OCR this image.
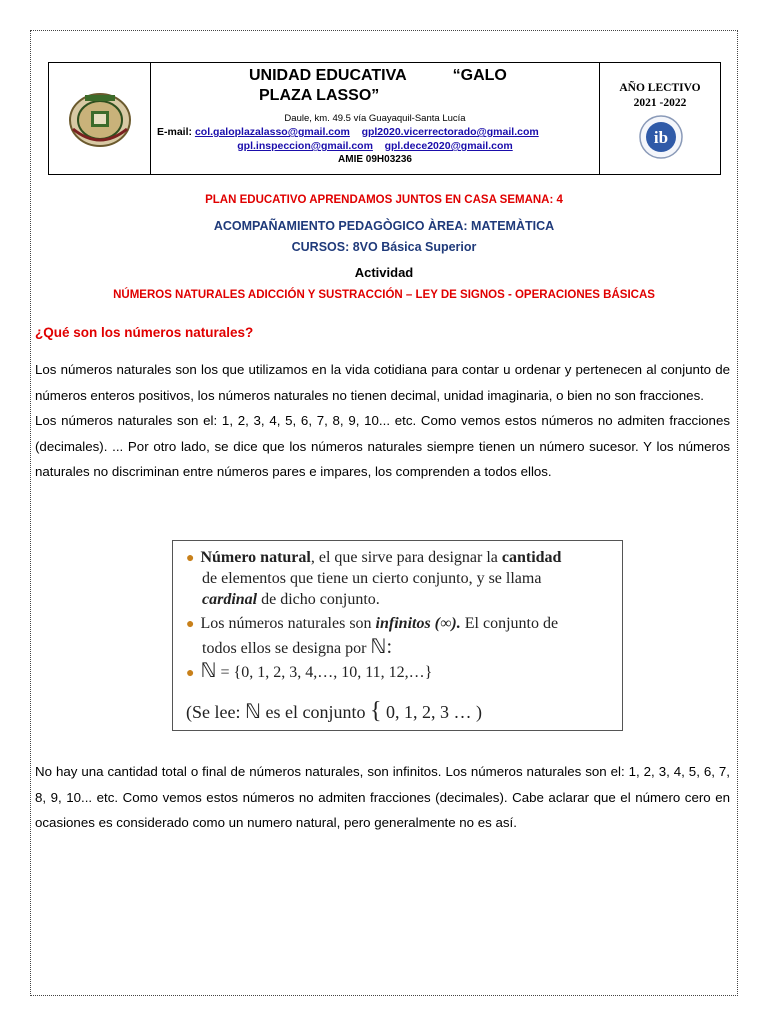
UNIDAD EDUCATIVA	“GALO
PLAZA LASSO”
Daule, km. 49.5 vía Guayaquil-Santa Lucía
E-mail: col.galoplazalasso@gmail.com gpl2020.vicerrectorado@gmail.com
gpl.inspeccion@gmail.com gpl.dece2020@gmail.com
AMIE 09H03236
AÑO LECTIVO
2021 -2022
ib
PLAN EDUCATIVO APRENDAMOS JUNTOS EN CASA SEMANA: 4
ACOMPAÑAMIENTO PEDAGÒGICO ÀREA: MATEMÀTICA
CURSOS: 8VO Básica Superior
Actividad
NÚMEROS NATURALES ADICCIÓN Y SUSTRACCIÓN – LEY DE SIGNOS - OPERACIONES BÁSICAS
¿Qué son los números naturales?

Los números naturales son los que utilizamos en la vida cotidiana para contar u ordenar y pertenecen al conjunto de números enteros positivos, los números naturales no tienen decimal, unidad imaginaria, o bien no son fracciones.

Los números naturales son el: 1, 2, 3, 4, 5, 6, 7, 8, 9, 10... etc. Como vemos estos números no admiten fracciones (decimales). ... Por otro lado, se dice que los números naturales siempre tienen un número sucesor. Y los números naturales no discriminan entre números pares e impares, los comprenden a todos ellos.

● Número natural, el que sirve para designar la cantidad
de elementos que tiene un cierto conjunto, y se llama
cardinal de dicho conjunto.
● Los números naturales son infinitos (∞). El conjunto de
todos ellos se designa por ℕ:
● ℕ = {0, 1, 2, 3, 4,…, 10, 11, 12,…}
(Se lee: ℕ es el conjunto { 0, 1, 2, 3 … )
No hay una cantidad total o final de números naturales, son infinitos. Los números naturales son el: 1, 2, 3, 4, 5, 6, 7, 8, 9, 10... etc. Como vemos estos números no admiten fracciones (decimales). Cabe aclarar que el número cero en ocasiones es considerado como un numero natural, pero generalmente no es así.
